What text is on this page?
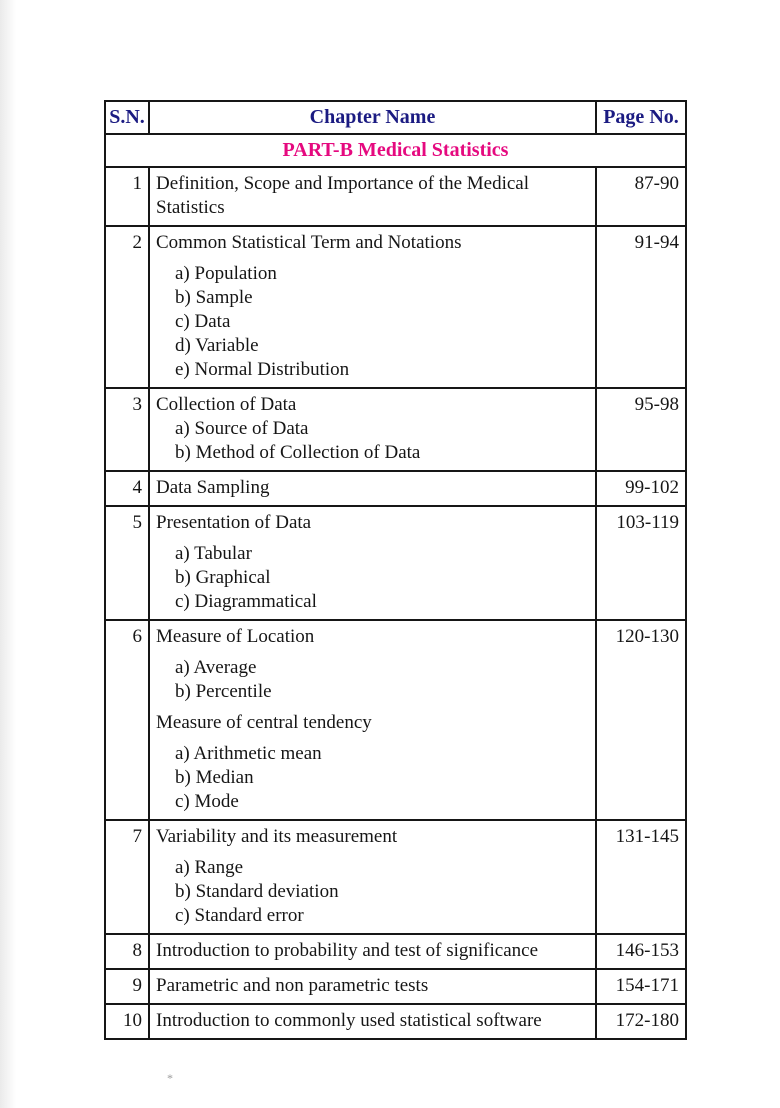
S.N.	Chapter Name	Page No.
PART-B Medical Statistics		
1	Definition, Scope and Importance of the Medical Statistics	87-90
2	Common Statistical Term and Notations
a) Population
b) Sample
c) Data
d) Variable
e) Normal Distribution
	91-94
3	Collection of Data
a) Source of Data
b) Method of Collection of Data	95-98
4	Data Sampling	99-102
5	Presentation of Data
a) Tabular
b) Graphical
c) Diagrammatical	103-119
6	Measure of Location
a) Average
b) Percentile
Measure of central tendency
a) Arithmetic mean
b) Median
c) Mode
	120-130
7	Variability and its measurement
a) Range
b) Standard deviation
c) Standard error	131-145
8	Introduction to probability and test of significance	146-153
9	Parametric and non parametric tests	154-171
10	Introduction to commonly used statistical software	172-180
*
